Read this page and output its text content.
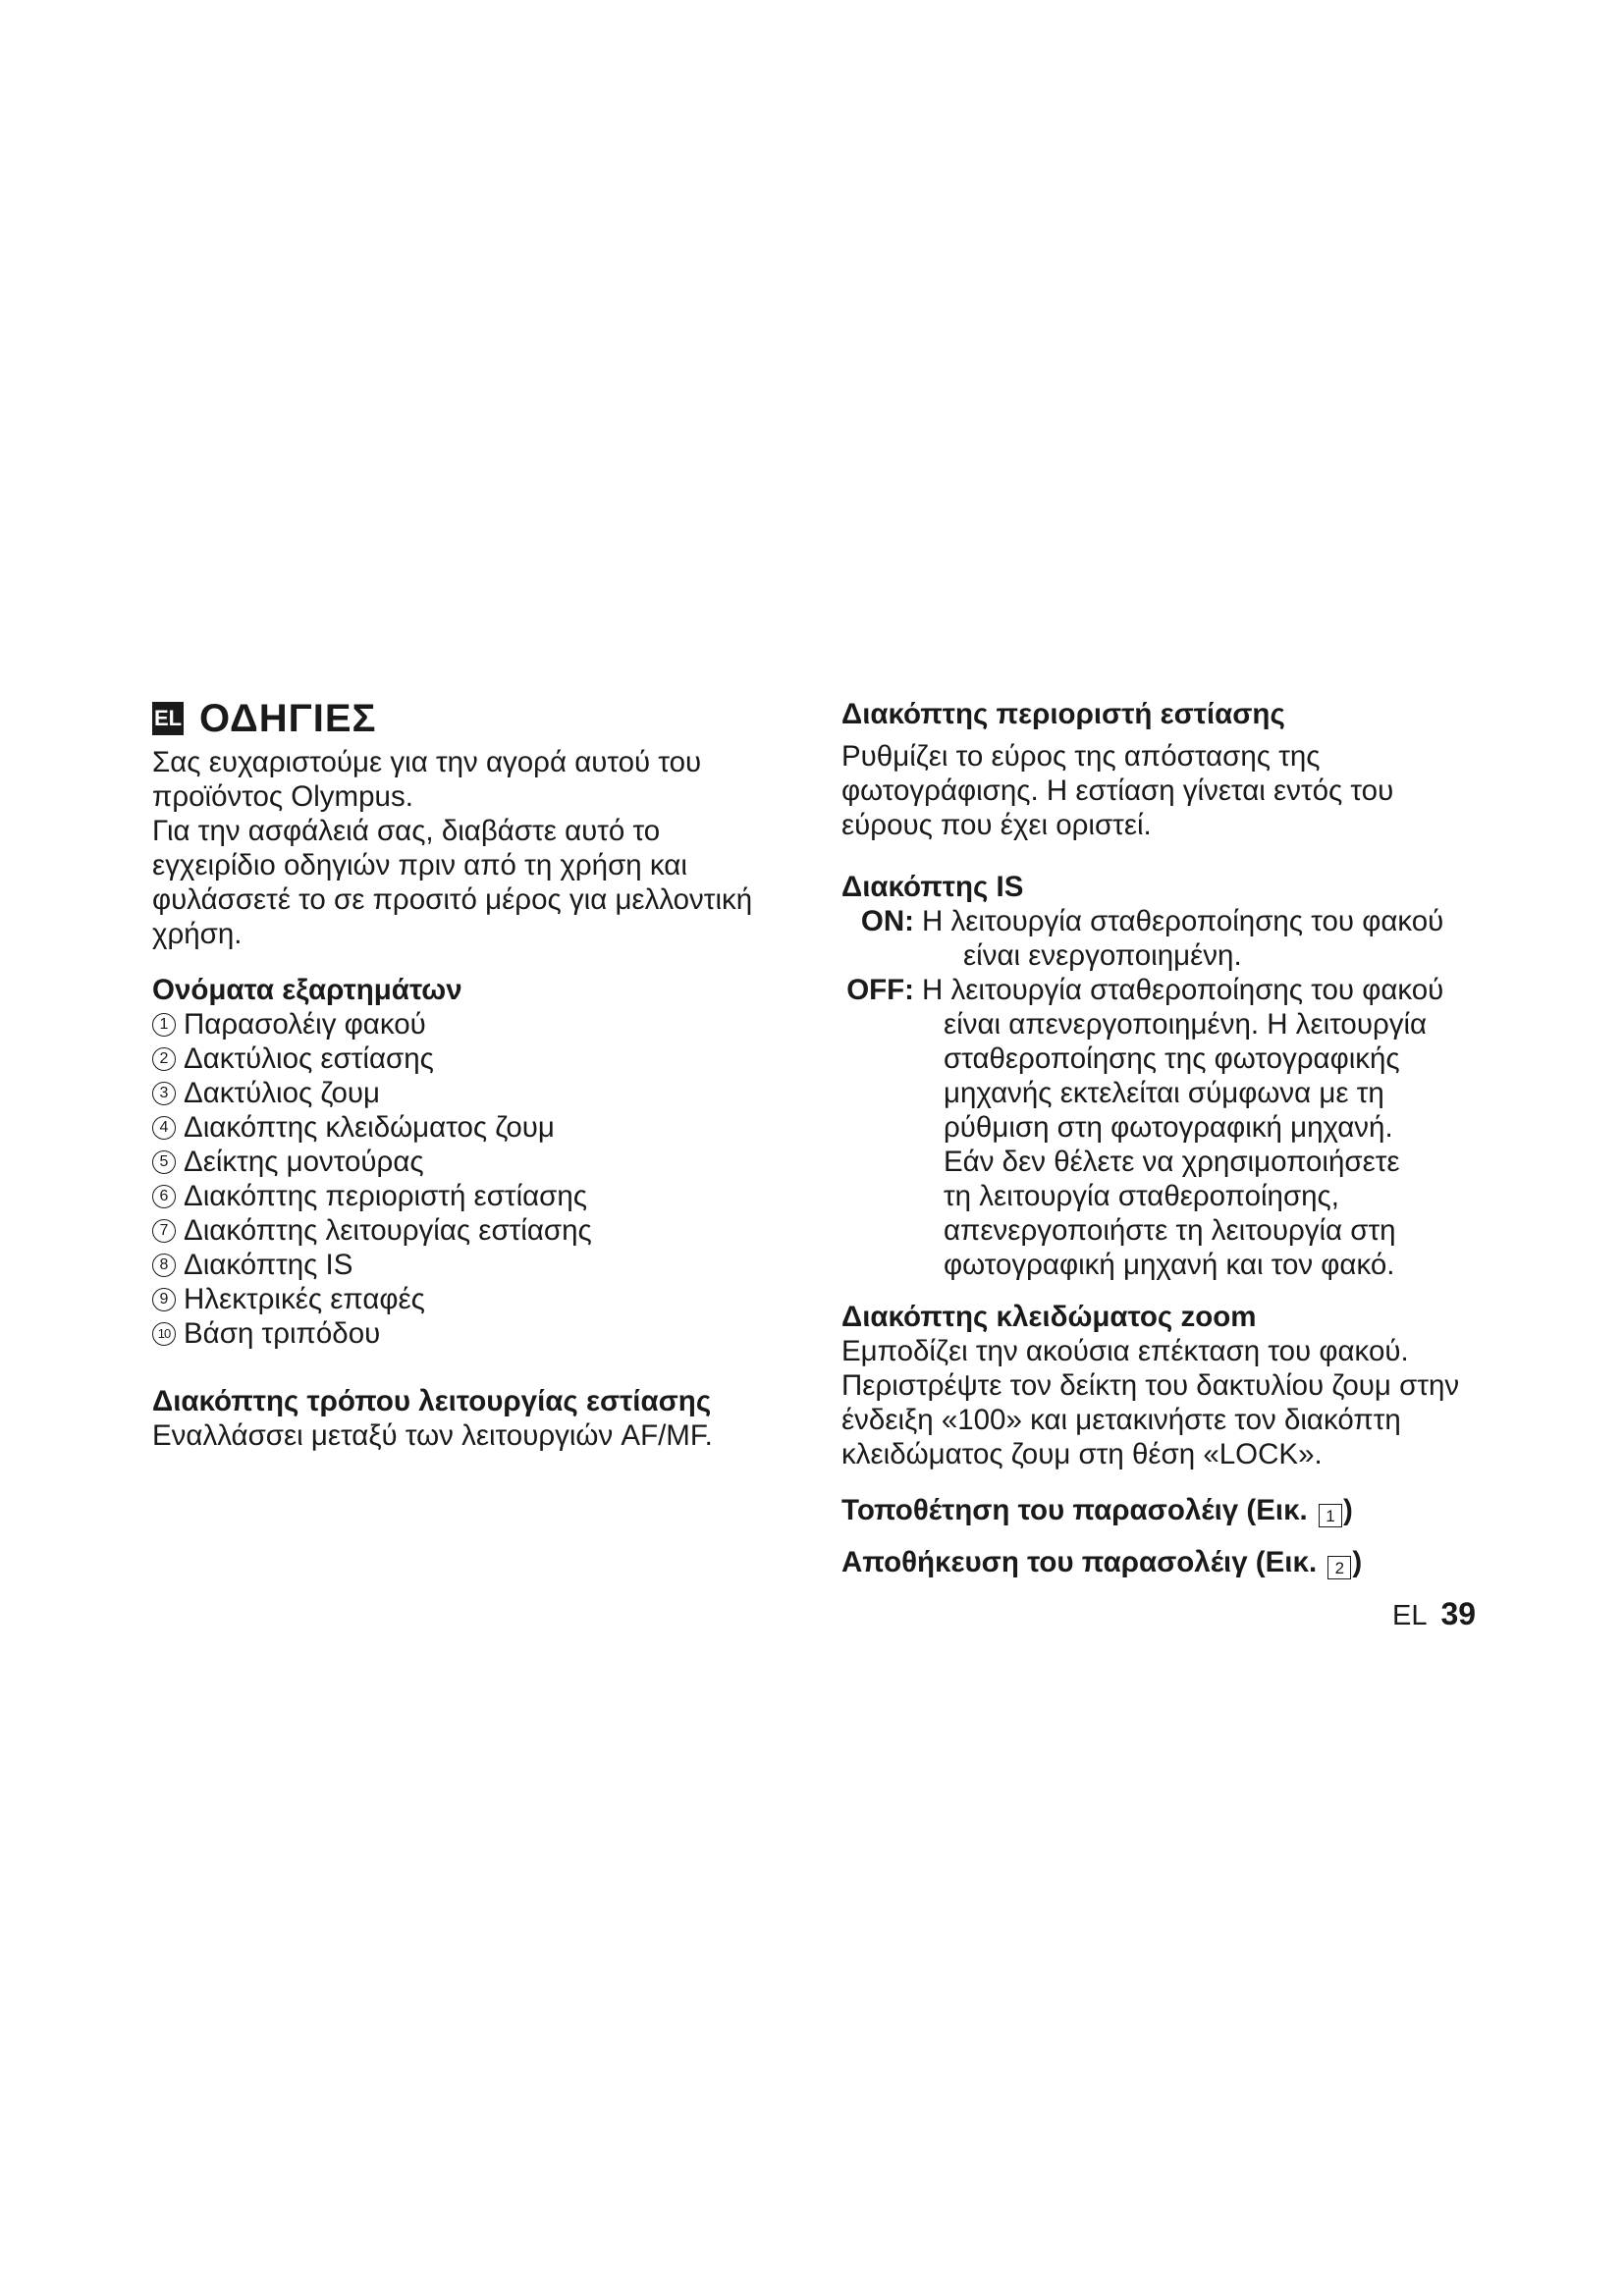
EL ΟΔΗΓΙΕΣ

Σας ευχαριστούμε για την αγορά αυτού του

προϊόντος Olympus.

Για την ασφάλειά σας, διαβάστε αυτό το

εγχειρίδιο οδηγιών πριν από τη χρήση και

φυλάσσετέ το σε προσιτό μέρος για μελλοντική

χρήση.

Ονόματα εξαρτημάτων

1 Παρασολέιγ φακού
2 Δακτύλιος εστίασης
3 Δακτύλιος ζουμ
4 Διακόπτης κλειδώματος ζουμ
5 Δείκτης μοντούρας
6 Διακόπτης περιοριστή εστίασης
7 Διακόπτης λειτουργίας εστίασης
8 Διακόπτης IS
9 Ηλεκτρικές επαφές
10 Βάση τριπόδου

Διακόπτης τρόπου λειτουργίας εστίασης

Εναλλάσσει μεταξύ των λειτουργιών AF/MF.

Διακόπτης περιοριστή εστίασης

Ρυθμίζει το εύρος της απόστασης της

φωτογράφισης. Η εστίαση γίνεται εντός του

εύρους που έχει οριστεί.

Διακόπτης IS

ON: Η λειτουργία σταθεροποίησης του φακού

είναι ενεργοποιημένη.

OFF: Η λειτουργία σταθεροποίησης του φακού

είναι απενεργοποιημένη. Η λειτουργία

σταθεροποίησης της φωτογραφικής

μηχανής εκτελείται σύμφωνα με τη

ρύθμιση στη φωτογραφική μηχανή.

Εάν δεν θέλετε να χρησιμοποιήσετε

τη λειτουργία σταθεροποίησης,

απενεργοποιήστε τη λειτουργία στη

φωτογραφική μηχανή και τον φακό.

Διακόπτης κλειδώματος zoom

Εμποδίζει την ακούσια επέκταση του φακού.

Περιστρέψτε τον δείκτη του δακτυλίου ζουμ στην

ένδειξη «100» και μετακινήστε τον διακόπτη

κλειδώματος ζουμ στη θέση «LOCK».

Τοποθέτηση του παρασολέιγ (Εικ. 1 )

Αποθήκευση του παρασολέιγ (Εικ. 2 )

EL 39
